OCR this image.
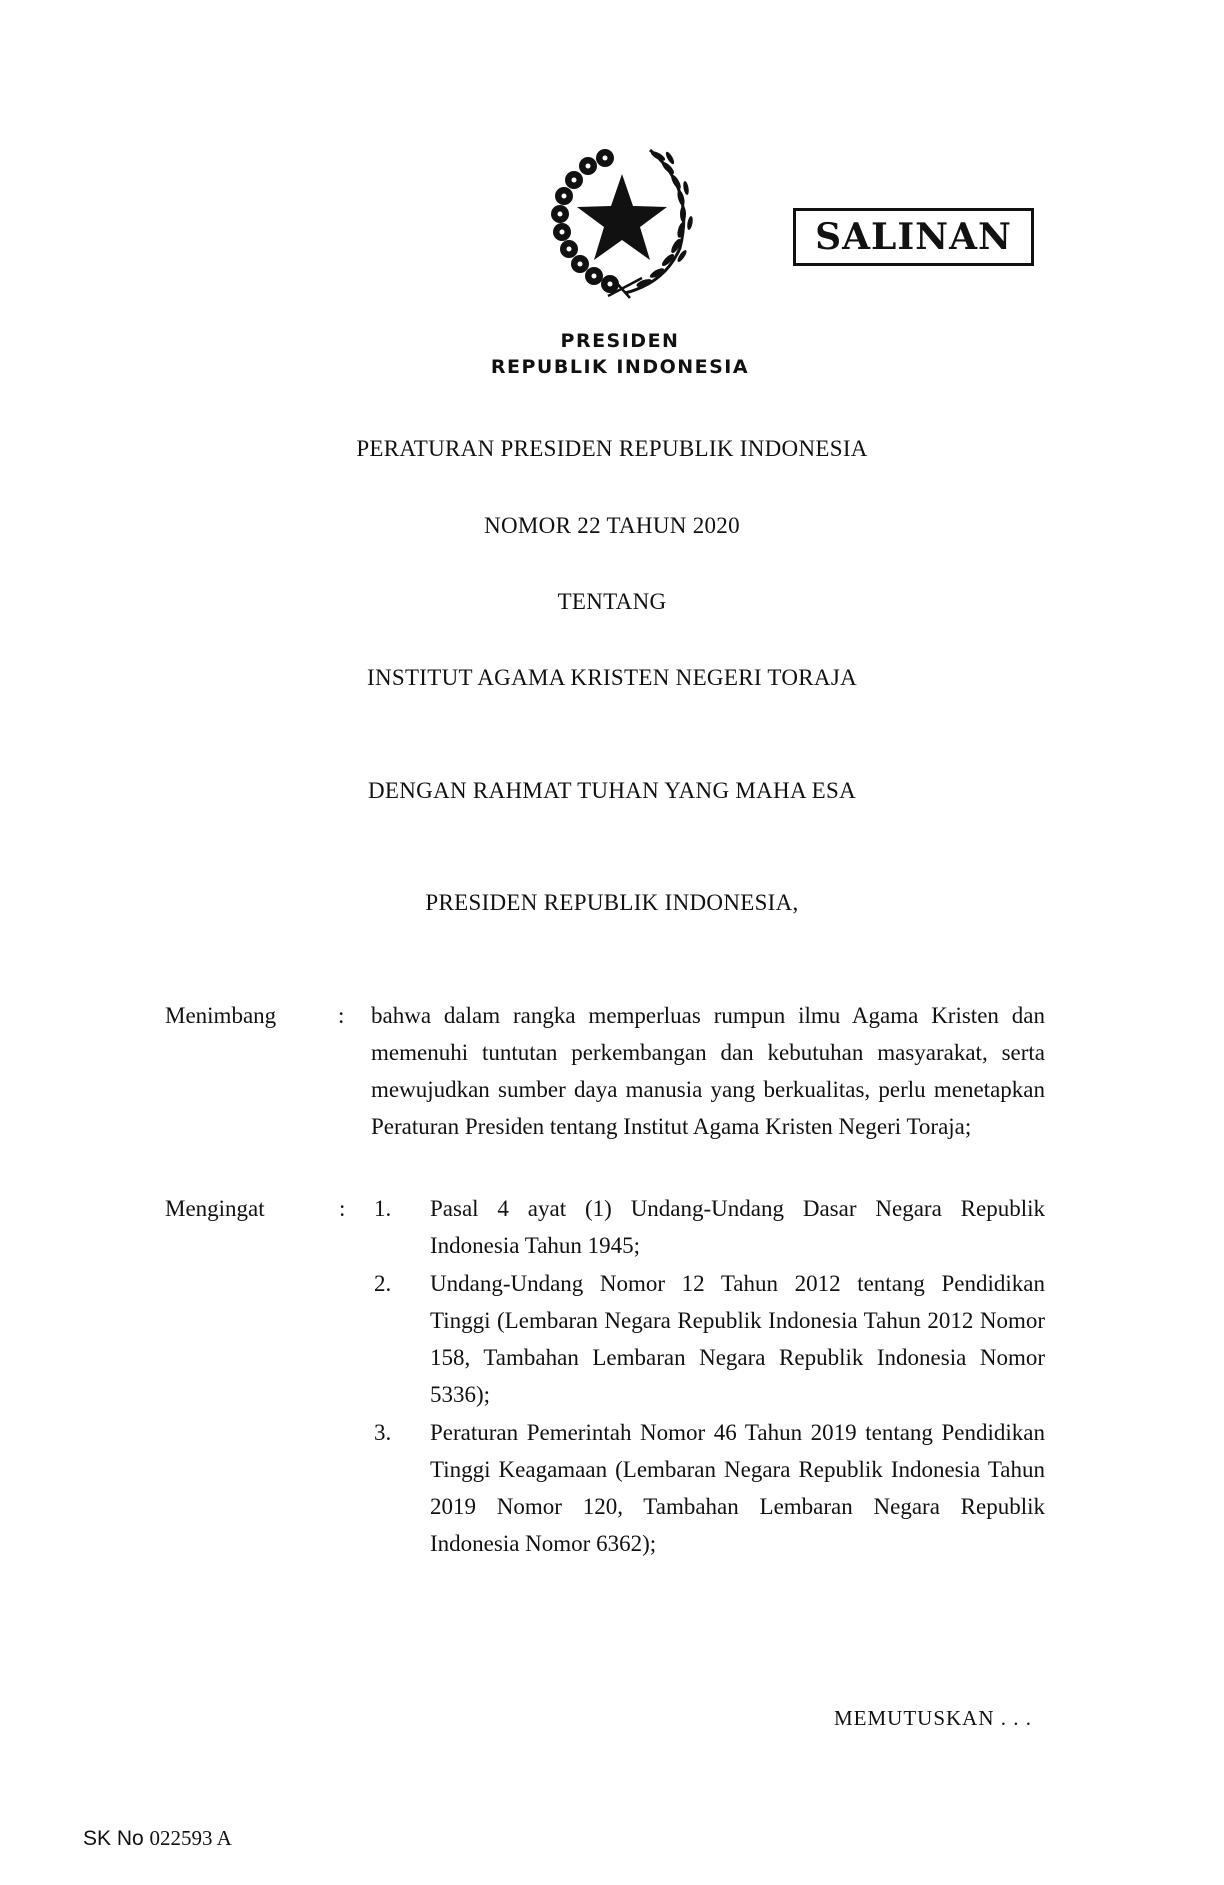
PRESIDEN
REPUBLIK INDONESIA
SALINAN
PERATURAN PRESIDEN REPUBLIK INDONESIA
NOMOR 22 TAHUN 2020
TENTANG
INSTITUT AGAMA KRISTEN NEGERI TORAJA
DENGAN RAHMAT TUHAN YANG MAHA ESA
PRESIDEN REPUBLIK INDONESIA,
Menimbang	: bahwa dalam rangka memperluas rumpun ilmu Agama Kristen dan memenuhi tuntutan perkembangan dan kebutuhan masyarakat, serta mewujudkan sumber daya manusia yang berkualitas, perlu menetapkan Peraturan Presiden tentang Institut Agama Kristen Negeri Toraja;
Mengingat	: 1. Pasal 4 ayat (1) Undang-Undang Dasar Negara Republik Indonesia Tahun 1945;
2. Undang-Undang Nomor 12 Tahun 2012 tentang Pendidikan Tinggi (Lembaran Negara Republik Indonesia Tahun 2012 Nomor 158, Tambahan Lembaran Negara Republik Indonesia Nomor 5336);
3. Peraturan Pemerintah Nomor 46 Tahun 2019 tentang Pendidikan Tinggi Keagamaan (Lembaran Negara Republik Indonesia Tahun 2019 Nomor 120, Tambahan Lembaran Negara Republik Indonesia Nomor 6362);
MEMUTUSKAN . . .
SK No 022593 A
